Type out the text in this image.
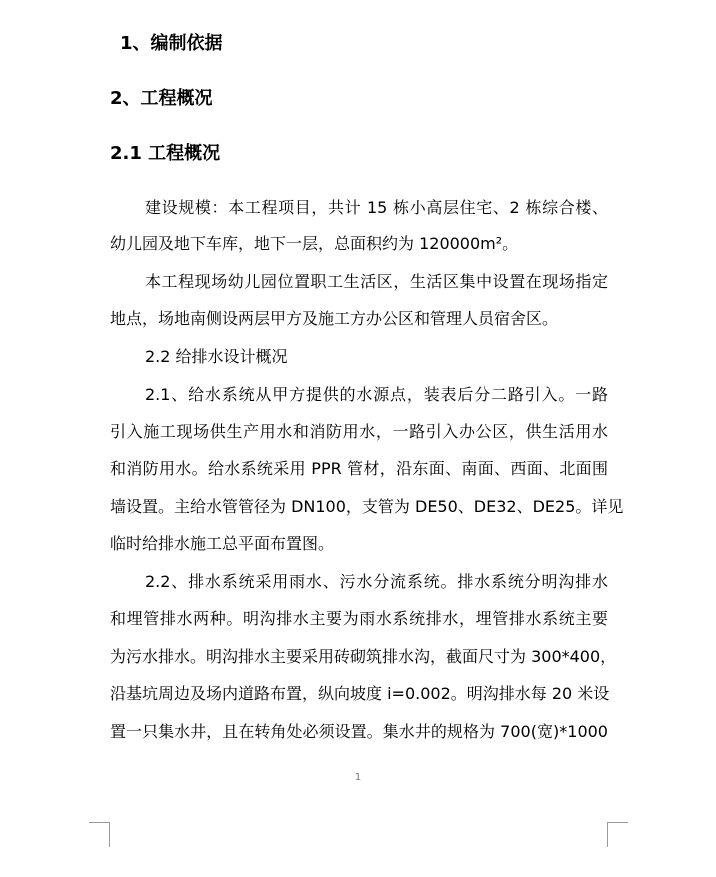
1、编制依据
2、工程概况
2.1 工程概况
建设规模：本工程项目，共计 15 栋小高层住宅、2 栋综合楼、
幼儿园及地下车库，地下一层，总面积约为 120000m²。
本工程现场幼儿园位置职工生活区，生活区集中设置在现场指定
地点，场地南侧设两层甲方及施工方办公区和管理人员宿舍区。
2.2 给排水设计概况
2.1、给水系统从甲方提供的水源点，装表后分二路引入。一路
引入施工现场供生产用水和消防用水，一路引入办公区，供生活用水
和消防用水。给水系统采用 PPR 管材，沿东面、南面、西面、北面围
墙设置。主给水管管径为 DN100，支管为 DE50、DE32、DE25。详见
临时给排水施工总平面布置图。
2.2、排水系统采用雨水、污水分流系统。排水系统分明沟排水
和埋管排水两种。明沟排水主要为雨水系统排水，埋管排水系统主要
为污水排水。明沟排水主要采用砖砌筑排水沟，截面尺寸为 300*400，
沿基坑周边及场内道路布置，纵向坡度 i=0.002。明沟排水每 20 米设
置一只集水井，且在转角处必须设置。集水井的规格为 700(宽)*1000
1
